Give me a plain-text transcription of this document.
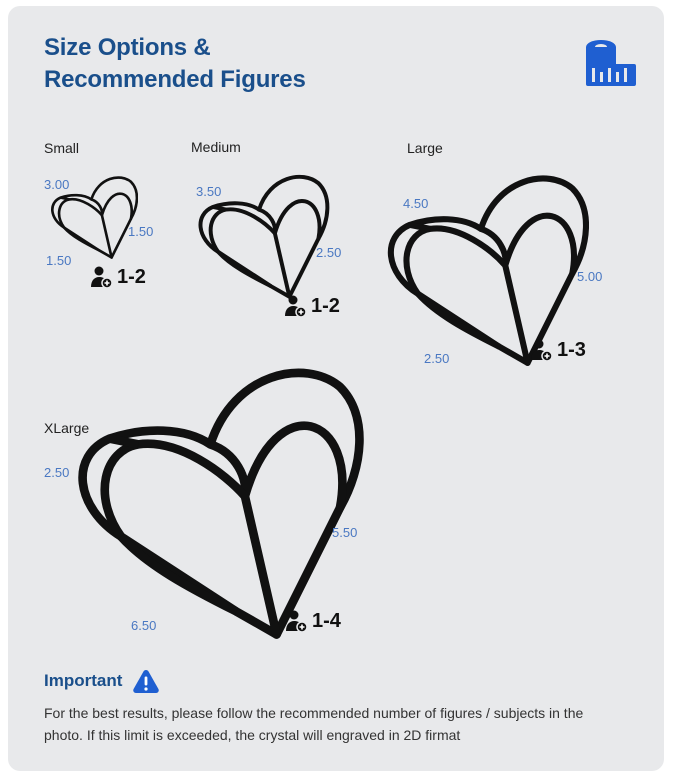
Size Options &
Recommended Figures
Small
3.00
1.50
1.50
1-2
Medium
3.50
2.50
1-2
Large
4.50
5.00
2.50	1-3
XLarge
2.50
5.50
6.50	1-4
Important

For the best results, please follow the recommended number of figures / subjects in the photo. If this limit is exceeded, the crystal will engraved in 2D firmat
